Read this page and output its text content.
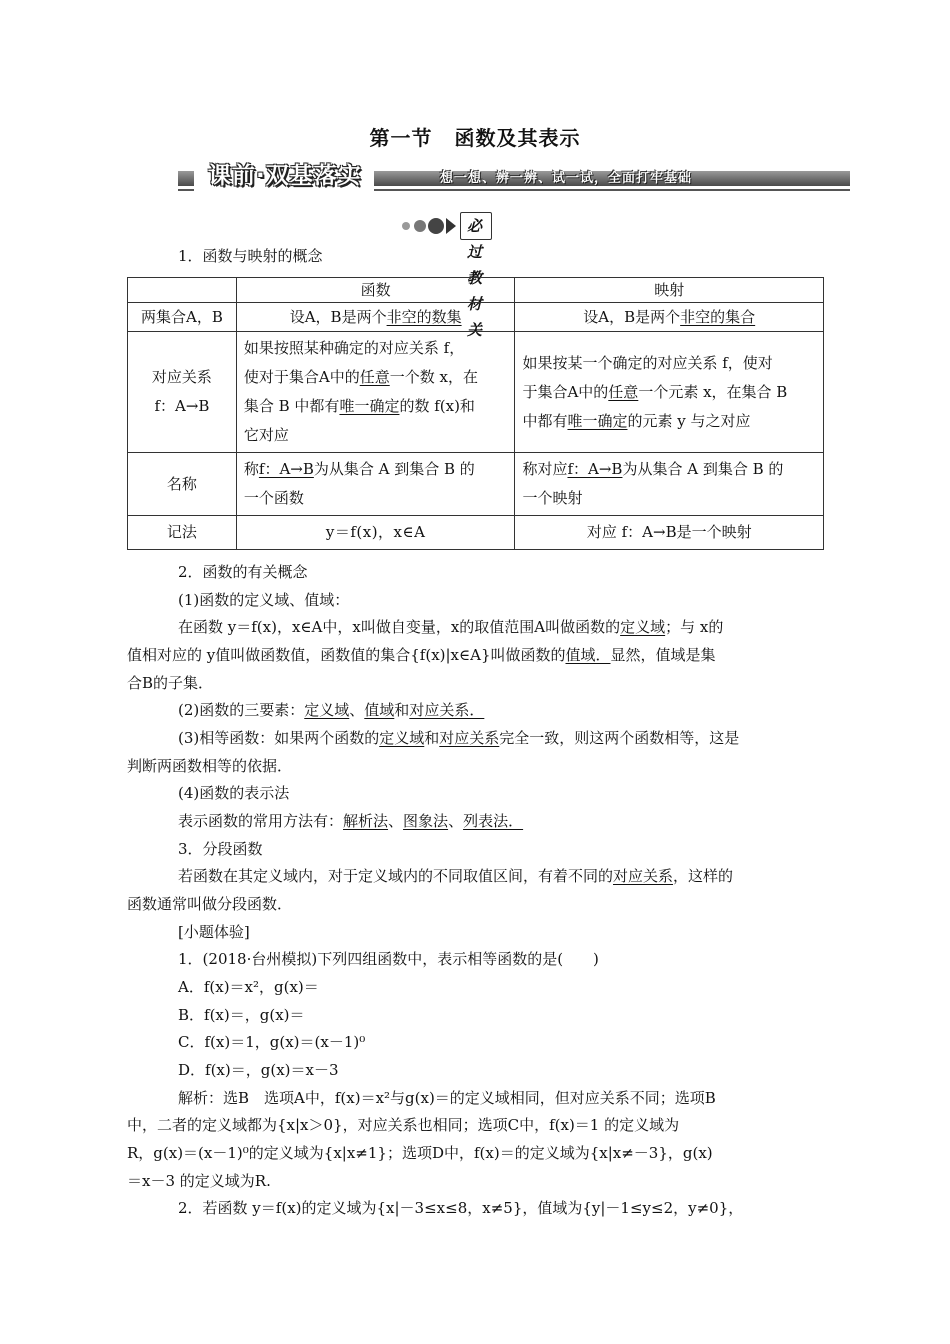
第一节 函数及其表示
课前·双基落实	想一想、辨一辨、试一试，全面打牢基础
必过教材关
1．函数与映射的概念
	函数	映射
两集合A，B	设A，B是两个非空的数集	设A，B是两个非空的集合
对应关系
f：A→B	如果按照某种确定的对应关系 f，
使对于集合A中的任意一个数 x，在
集合 B 中都有唯一确定的数 f(x)和
它对应	如果按某一个确定的对应关系 f，使对
于集合A中的任意一个元素 x，在集合 B
中都有唯一确定的元素 y 与之对应
名称	称f：A→B为从集合 A 到集合 B 的
一个函数	称对应f：A→B为从集合 A 到集合 B 的
一个映射
记法	y＝f(x)，x∈A	对应 f：A→B是一个映射
2．函数的有关概念
(1)函数的定义域、值域：
在函数 y＝f(x)，x∈A中，x叫做自变量，x的取值范围A叫做函数的定义域；与 x的
值相对应的 y值叫做函数值，函数值的集合{f(x)|x∈A}叫做函数的值域．显然，值域是集
合B的子集．
(2)函数的三要素：定义域、值域和对应关系．
(3)相等函数：如果两个函数的定义域和对应关系完全一致，则这两个函数相等，这是
判断两函数相等的依据．
(4)函数的表示法
表示函数的常用方法有：解析法、图象法、列表法．
3．分段函数
若函数在其定义域内，对于定义域内的不同取值区间，有着不同的对应关系，这样的
函数通常叫做分段函数．
[小题体验]
1．(2018·台州模拟)下列四组函数中，表示相等函数的是(　　)
A．f(x)＝x²，g(x)＝
B．f(x)＝，g(x)＝
C．f(x)＝1，g(x)＝(x－1)⁰
D．f(x)＝，g(x)＝x－3
解析：选B　选项A中，f(x)＝x²与g(x)＝的定义域相同，但对应关系不同；选项B
中，二者的定义域都为{x|x＞0}，对应关系也相同；选项C中，f(x)＝1 的定义域为
R，g(x)＝(x－1)⁰的定义域为{x|x≠1}；选项D中，f(x)＝的定义域为{x|x≠－3}，g(x)
＝x－3 的定义域为R.
2．若函数 y＝f(x)的定义域为{x|－3≤x≤8，x≠5}，值域为{y|－1≤y≤2，y≠0}，
